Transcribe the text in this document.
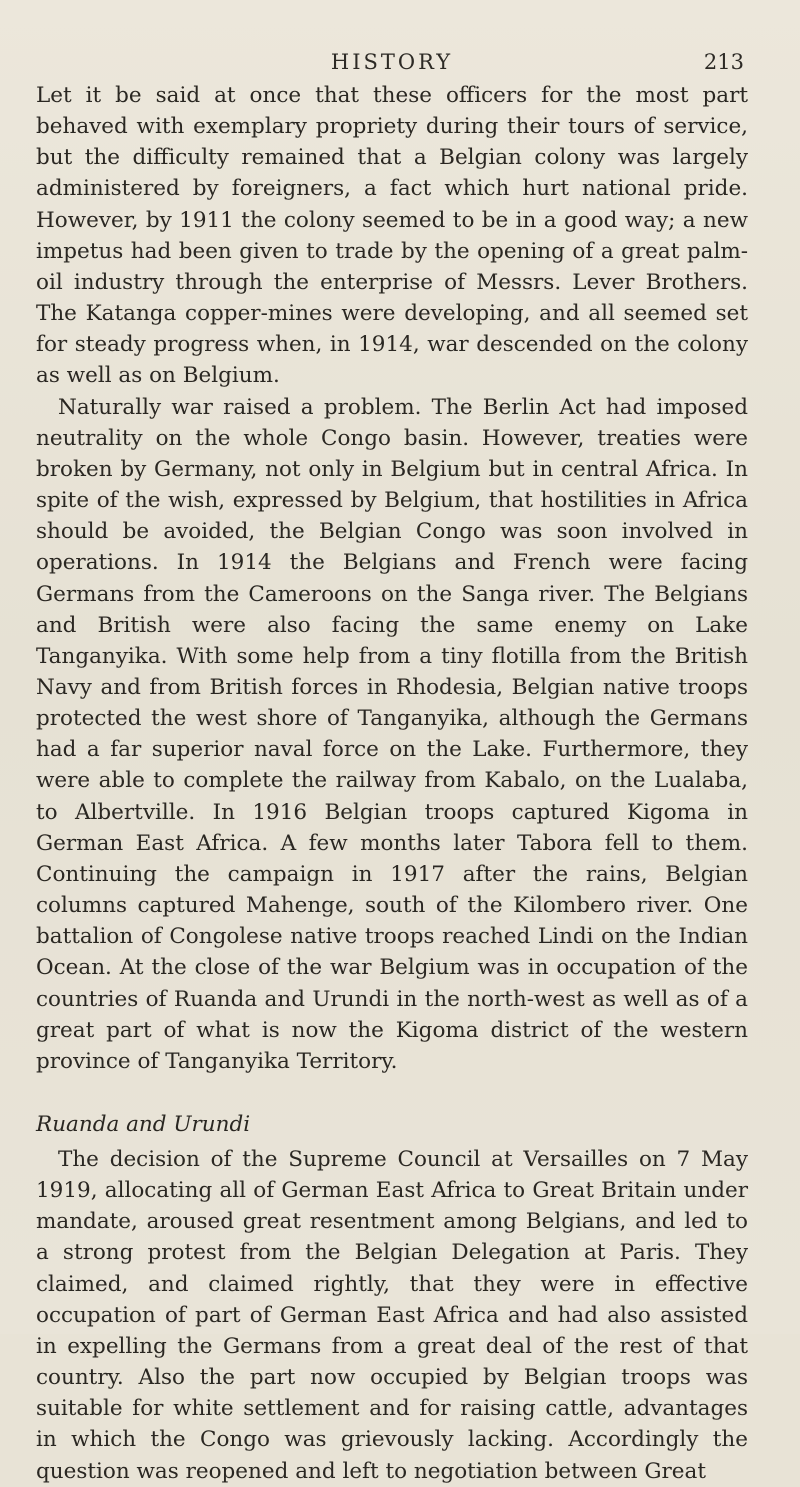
HISTORY	213

Let it be said at once that these officers for the most part behaved with exemplary propriety during their tours of service, but the difficulty remained that a Belgian colony was largely administered by foreigners, a fact which hurt national pride. However, by 1911 the colony seemed to be in a good way; a new impetus had been given to trade by the opening of a great palm-oil industry through the enterprise of Messrs. Lever Brothers. The Katanga copper-mines were developing, and all seemed set for steady progress when, in 1914, war descended on the colony as well as on Belgium.

Naturally war raised a problem. The Berlin Act had imposed neutrality on the whole Congo basin. However, treaties were broken by Germany, not only in Belgium but in central Africa. In spite of the wish, expressed by Belgium, that hostilities in Africa should be avoided, the Belgian Congo was soon involved in operations. In 1914 the Belgians and French were facing Germans from the Cameroons on the Sanga river. The Belgians and British were also facing the same enemy on Lake Tanganyika. With some help from a tiny flotilla from the British Navy and from British forces in Rhodesia, Belgian native troops protected the west shore of Tanganyika, although the Germans had a far superior naval force on the Lake. Furthermore, they were able to complete the railway from Kabalo, on the Lualaba, to Albertville. In 1916 Belgian troops captured Kigoma in German East Africa. A few months later Tabora fell to them. Continuing the campaign in 1917 after the rains, Belgian columns captured Mahenge, south of the Kilombero river. One battalion of Congolese native troops reached Lindi on the Indian Ocean. At the close of the war Belgium was in occupation of the countries of Ruanda and Urundi in the north-west as well as of a great part of what is now the Kigoma district of the western province of Tanganyika Territory.

Ruanda and Urundi

The decision of the Supreme Council at Versailles on 7 May 1919, allocating all of German East Africa to Great Britain under mandate, aroused great resentment among Belgians, and led to a strong protest from the Belgian Delegation at Paris. They claimed, and claimed rightly, that they were in effective occupation of part of German East Africa and had also assisted in expelling the Germans from a great deal of the rest of that country. Also the part now occupied by Belgian troops was suitable for white settlement and for raising cattle, advantages in which the Congo was grievously lacking. Accordingly the question was reopened and left to negotiation between Great
